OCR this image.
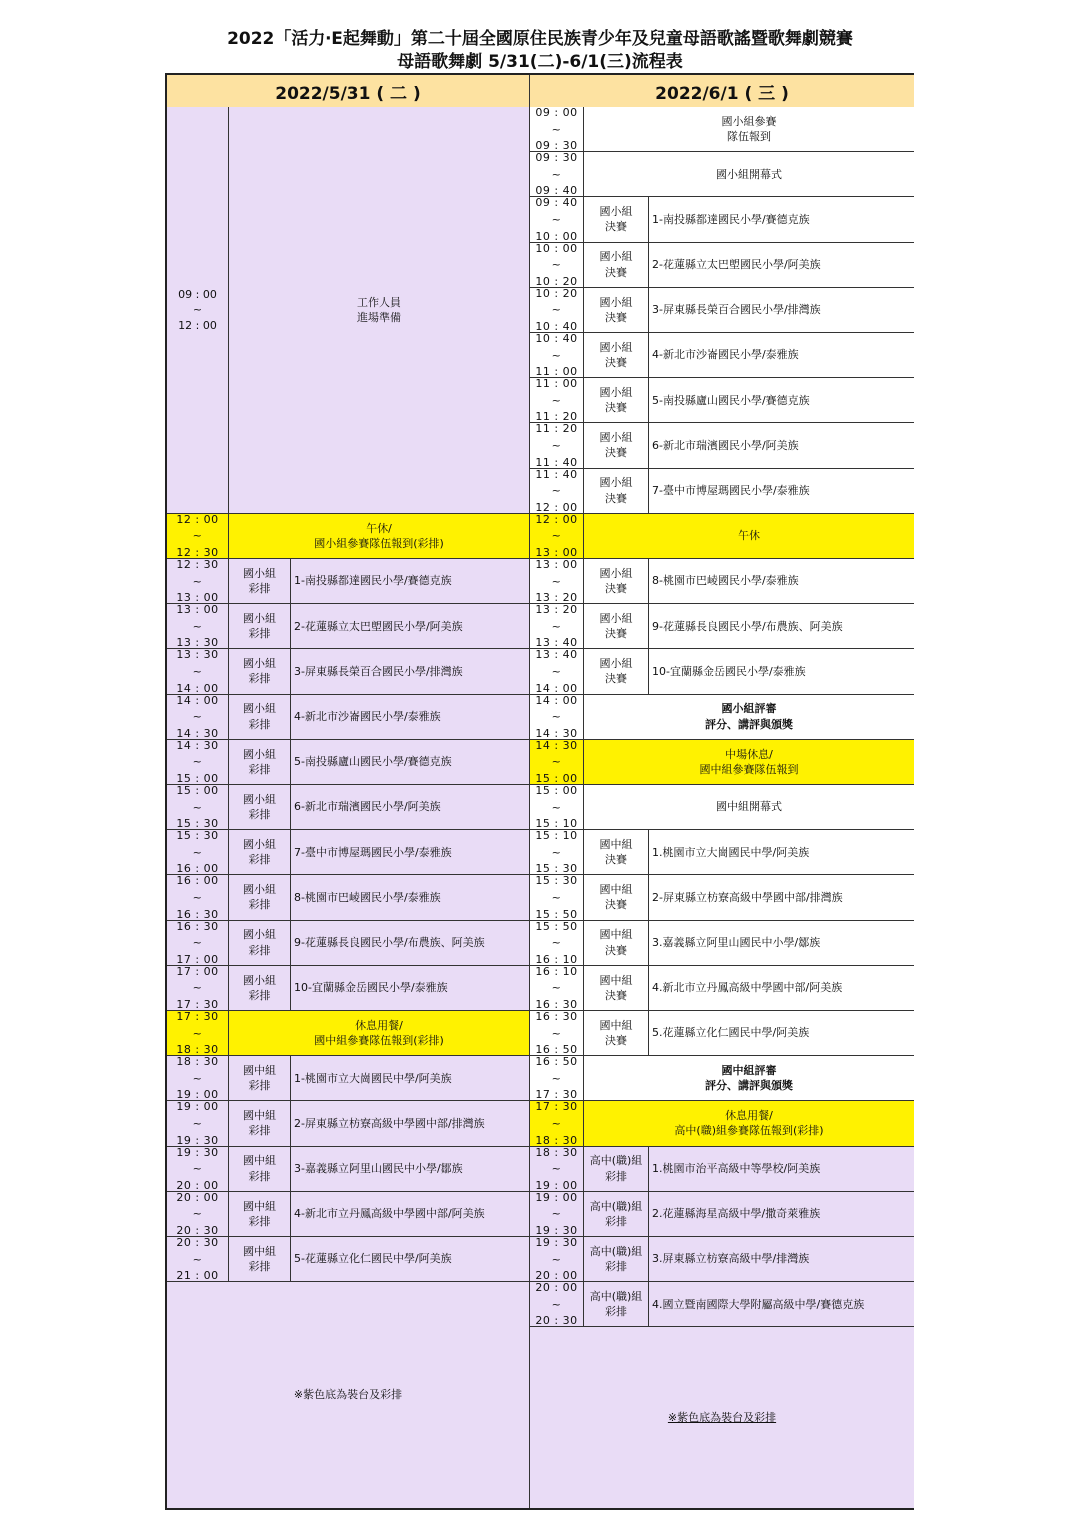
2022「活力‧E起舞動」第二十屆全國原住民族青少年及兒童母語歌謠暨歌舞劇競賽
母語歌舞劇 5/31(二)-6/1(三)流程表
2022/5/31 ( 二 )
09 : 00
~
12 : 00
工作人員
進場準備
12 : 00
~
12 : 30
午休/
國小組參賽隊伍報到(彩排)
12 : 30
~
13 : 00
國小組
彩排
1-南投縣都達國民小學/賽德克族
13 : 00
~
13 : 30
國小組
彩排
2-花蓮縣立太巴塱國民小學/阿美族
13 : 30
~
14 : 00
國小組
彩排
3-屏東縣長榮百合國民小學/排灣族
14 : 00
~
14 : 30
國小組
彩排
4-新北市沙崙國民小學/泰雅族
14 : 30
~
15 : 00
國小組
彩排
5-南投縣廬山國民小學/賽德克族
15 : 00
~
15 : 30
國小組
彩排
6-新北市瑞濱國民小學/阿美族
15 : 30
~
16 : 00
國小組
彩排
7-臺中市博屋瑪國民小學/泰雅族
16 : 00
~
16 : 30
國小組
彩排
8-桃園市巴崚國民小學/泰雅族
16 : 30
~
17 : 00
國小組
彩排
9-花蓮縣長良國民小學/布農族、阿美族
17 : 00
~
17 : 30
國小組
彩排
10-宜蘭縣金岳國民小學/泰雅族
17 : 30
~
18 : 30
休息用餐/
國中組參賽隊伍報到(彩排)
18 : 30
~
19 : 00
國中組
彩排
1-桃園市立大崗國民中學/阿美族
19 : 00
~
19 : 30
國中組
彩排
2-屏東縣立枋寮高級中學國中部/排灣族
19 : 30
~
20 : 00
國中組
彩排
3-嘉義縣立阿里山國民中小學/鄒族
20 : 00
~
20 : 30
國中組
彩排
4-新北市立丹鳳高級中學國中部/阿美族
20 : 30
~
21 : 00
國中組
彩排
5-花蓮縣立化仁國民中學/阿美族
※紫色底為裝台及彩排
2022/6/1 ( 三 )
09 : 00
~
09 : 30
國小組參賽
隊伍報到
09 : 30
~
09 : 40
國小組開幕式
09 : 40
~
10 : 00
國小組
決賽
1-南投縣都達國民小學/賽德克族
10 : 00
~
10 : 20
國小組
決賽
2-花蓮縣立太巴塱國民小學/阿美族
10 : 20
~
10 : 40
國小組
決賽
3-屏東縣長榮百合國民小學/排灣族
10 : 40
~
11 : 00
國小組
決賽
4-新北市沙崙國民小學/泰雅族
11 : 00
~
11 : 20
國小組
決賽
5-南投縣廬山國民小學/賽德克族
11 : 20
~
11 : 40
國小組
決賽
6-新北市瑞濱國民小學/阿美族
11 : 40
~
12 : 00
國小組
決賽
7-臺中市博屋瑪國民小學/泰雅族
12 : 00
~
13 : 00
午休
13 : 00
~
13 : 20
國小組
決賽
8-桃園市巴崚國民小學/泰雅族
13 : 20
~
13 : 40
國小組
決賽
9-花蓮縣長良國民小學/布農族、阿美族
13 : 40
~
14 : 00
國小組
決賽
10-宜蘭縣金岳國民小學/泰雅族
14 : 00
~
14 : 30
國小組評審
評分、講評與頒獎
14 : 30
~
15 : 00
中場休息/
國中組參賽隊伍報到
15 : 00
~
15 : 10
國中組開幕式
15 : 10
~
15 : 30
國中組
決賽
1.桃園市立大崗國民中學/阿美族
15 : 30
~
15 : 50
國中組
決賽
2-屏東縣立枋寮高級中學國中部/排灣族
15 : 50
~
16 : 10
國中組
決賽
3.嘉義縣立阿里山國民中小學/鄒族
16 : 10
~
16 : 30
國中組
決賽
4.新北市立丹鳳高級中學國中部/阿美族
16 : 30
~
16 : 50
國中組
決賽
5.花蓮縣立化仁國民中學/阿美族
16 : 50
~
17 : 30
國中組評審
評分、講評與頒獎
17 : 30
~
18 : 30
休息用餐/
高中(職)組參賽隊伍報到(彩排)
18 : 30
~
19 : 00
高中(職)組
彩排
1.桃園市治平高級中等學校/阿美族
19 : 00
~
19 : 30
高中(職)組
彩排
2.花蓮縣海星高級中學/撒奇萊雅族
19 : 30
~
20 : 00
高中(職)組
彩排
3.屏東縣立枋寮高級中學/排灣族
20 : 00
~
20 : 30
高中(職)組
彩排
4.國立暨南國際大學附屬高級中學/賽德克族
※紫色底為裝台及彩排
